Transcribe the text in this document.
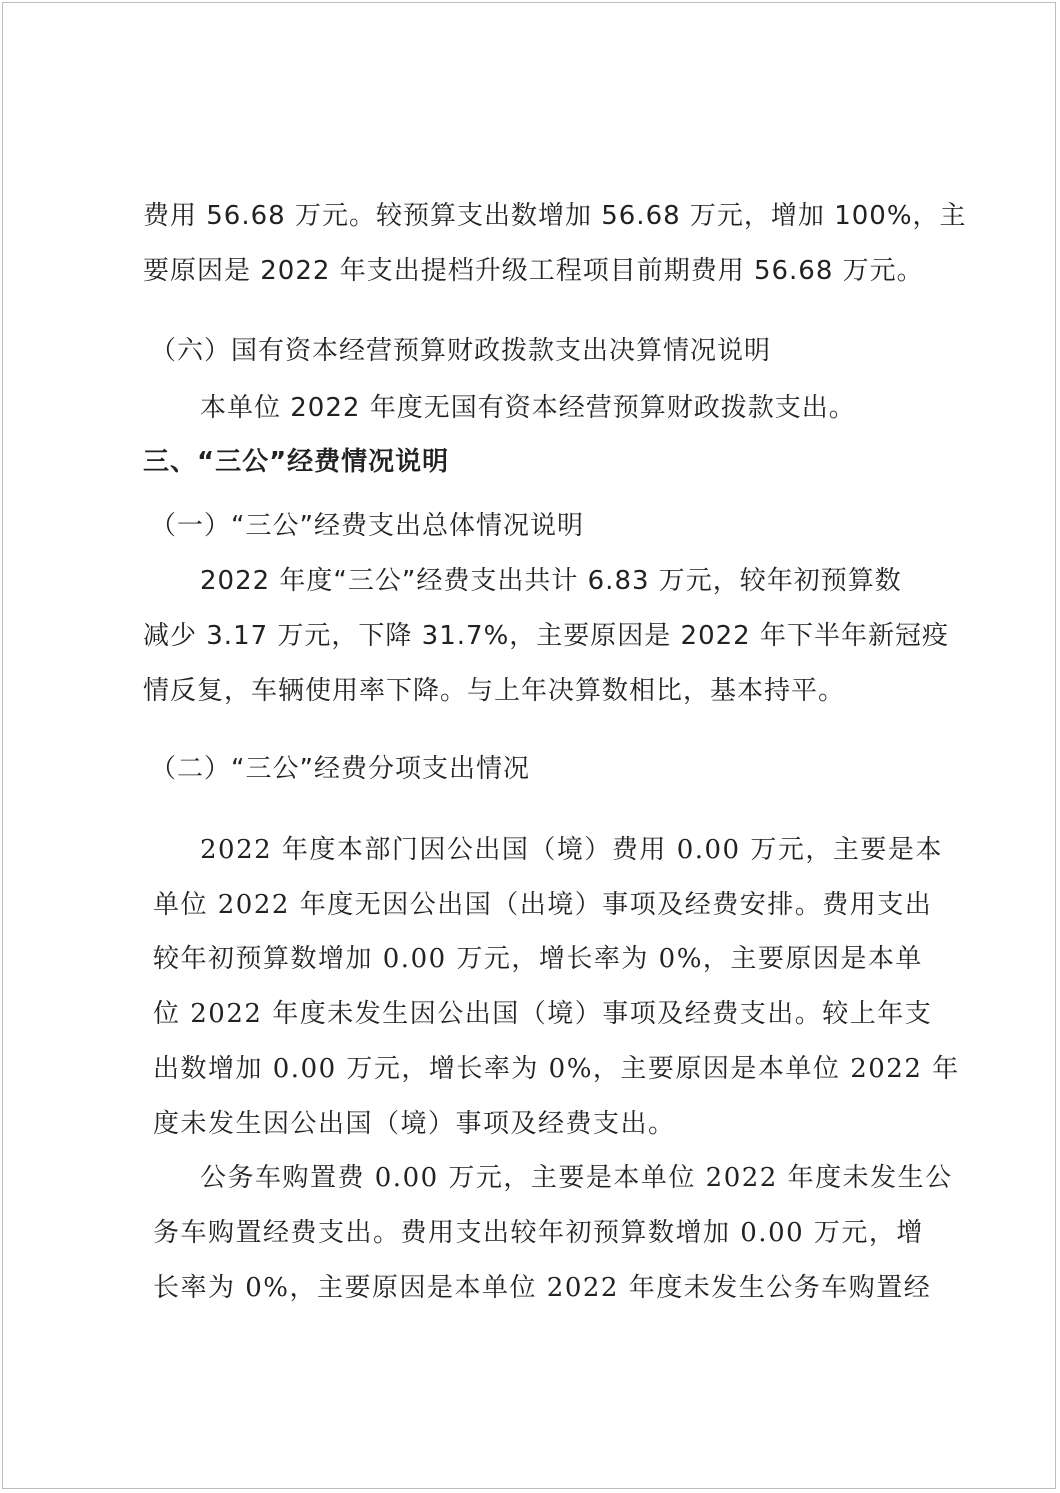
费用 56.68 万元。较预算支出数增加 56.68 万元，增加 100%，主
要原因是 2022 年支出提档升级工程项目前期费用 56.68 万元。
（六）国有资本经营预算财政拨款支出决算情况说明
本单位 2022 年度无国有资本经营预算财政拨款支出。
三、“三公”经费情况说明
（一）“三公”经费支出总体情况说明
2022 年度“三公”经费支出共计 6.83 万元，较年初预算数
减少 3.17 万元，下降 31.7%，主要原因是 2022 年下半年新冠疫
情反复，车辆使用率下降。与上年决算数相比，基本持平。
（二）“三公”经费分项支出情况
2022 年度本部门因公出国（境）费用 0.00 万元，主要是本
单位 2022 年度无因公出国（出境）事项及经费安排。费用支出
较年初预算数增加 0.00 万元，增长率为 0%，主要原因是本单
位 2022 年度未发生因公出国（境）事项及经费支出。较上年支
出数增加 0.00 万元，增长率为 0%，主要原因是本单位 2022 年
度未发生因公出国（境）事项及经费支出。
公务车购置费 0.00 万元，主要是本单位 2022 年度未发生公
务车购置经费支出。费用支出较年初预算数增加 0.00 万元，增
长率为 0%，主要原因是本单位 2022 年度未发生公务车购置经
